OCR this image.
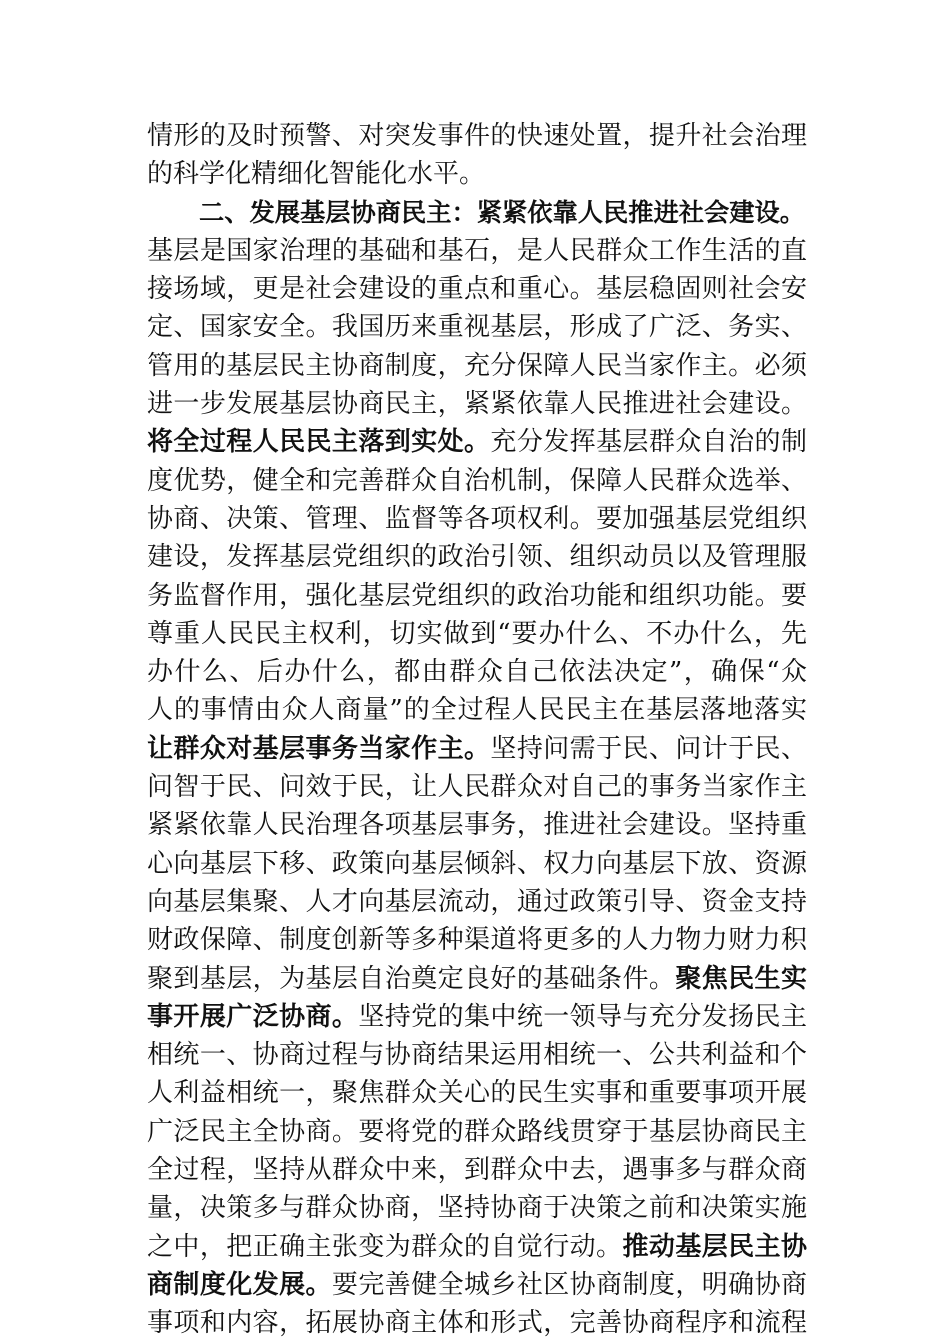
情形的及时预警、对突发事件的快速处置，提升社会治理
的科学化精细化智能化水平。
二、发展基层协商民主：紧紧依靠人民推进社会建设。
基层是国家治理的基础和基石，是人民群众工作生活的直
接场域，更是社会建设的重点和重心。基层稳固则社会安
定、国家安全。我国历来重视基层，形成了广泛、务实、
管用的基层民主协商制度，充分保障人民当家作主。必须
进一步发展基层协商民主，紧紧依靠人民推进社会建设。
将全过程人民民主落到实处。充分发挥基层群众自治的制
度优势，健全和完善群众自治机制，保障人民群众选举、
协商、决策、管理、监督等各项权利。要加强基层党组织
建设，发挥基层党组织的政治引领、组织动员以及管理服
务监督作用，强化基层党组织的政治功能和组织功能。要
尊重人民民主权利，切实做到“要办什么、不办什么，先
办什么、后办什么，都由群众自己依法决定”，确保“众
人的事情由众人商量”的全过程人民民主在基层落地落实
让群众对基层事务当家作主。坚持问需于民、问计于民、
问智于民、问效于民，让人民群众对自己的事务当家作主
紧紧依靠人民治理各项基层事务，推进社会建设。坚持重
心向基层下移、政策向基层倾斜、权力向基层下放、资源
向基层集聚、人才向基层流动，通过政策引导、资金支持
财政保障、制度创新等多种渠道将更多的人力物力财力积
聚到基层，为基层自治奠定良好的基础条件。聚焦民生实
事开展广泛协商。坚持党的集中统一领导与充分发扬民主
相统一、协商过程与协商结果运用相统一、公共利益和个
人利益相统一，聚焦群众关心的民生实事和重要事项开展
广泛民主全协商。要将党的群众路线贯穿于基层协商民主
全过程，坚持从群众中来，到群众中去，遇事多与群众商
量，决策多与群众协商，坚持协商于决策之前和决策实施
之中，把正确主张变为群众的自觉行动。推动基层民主协
商制度化发展。要完善健全城乡社区协商制度，明确协商
事项和内容，拓展协商主体和形式，完善协商程序和流程
